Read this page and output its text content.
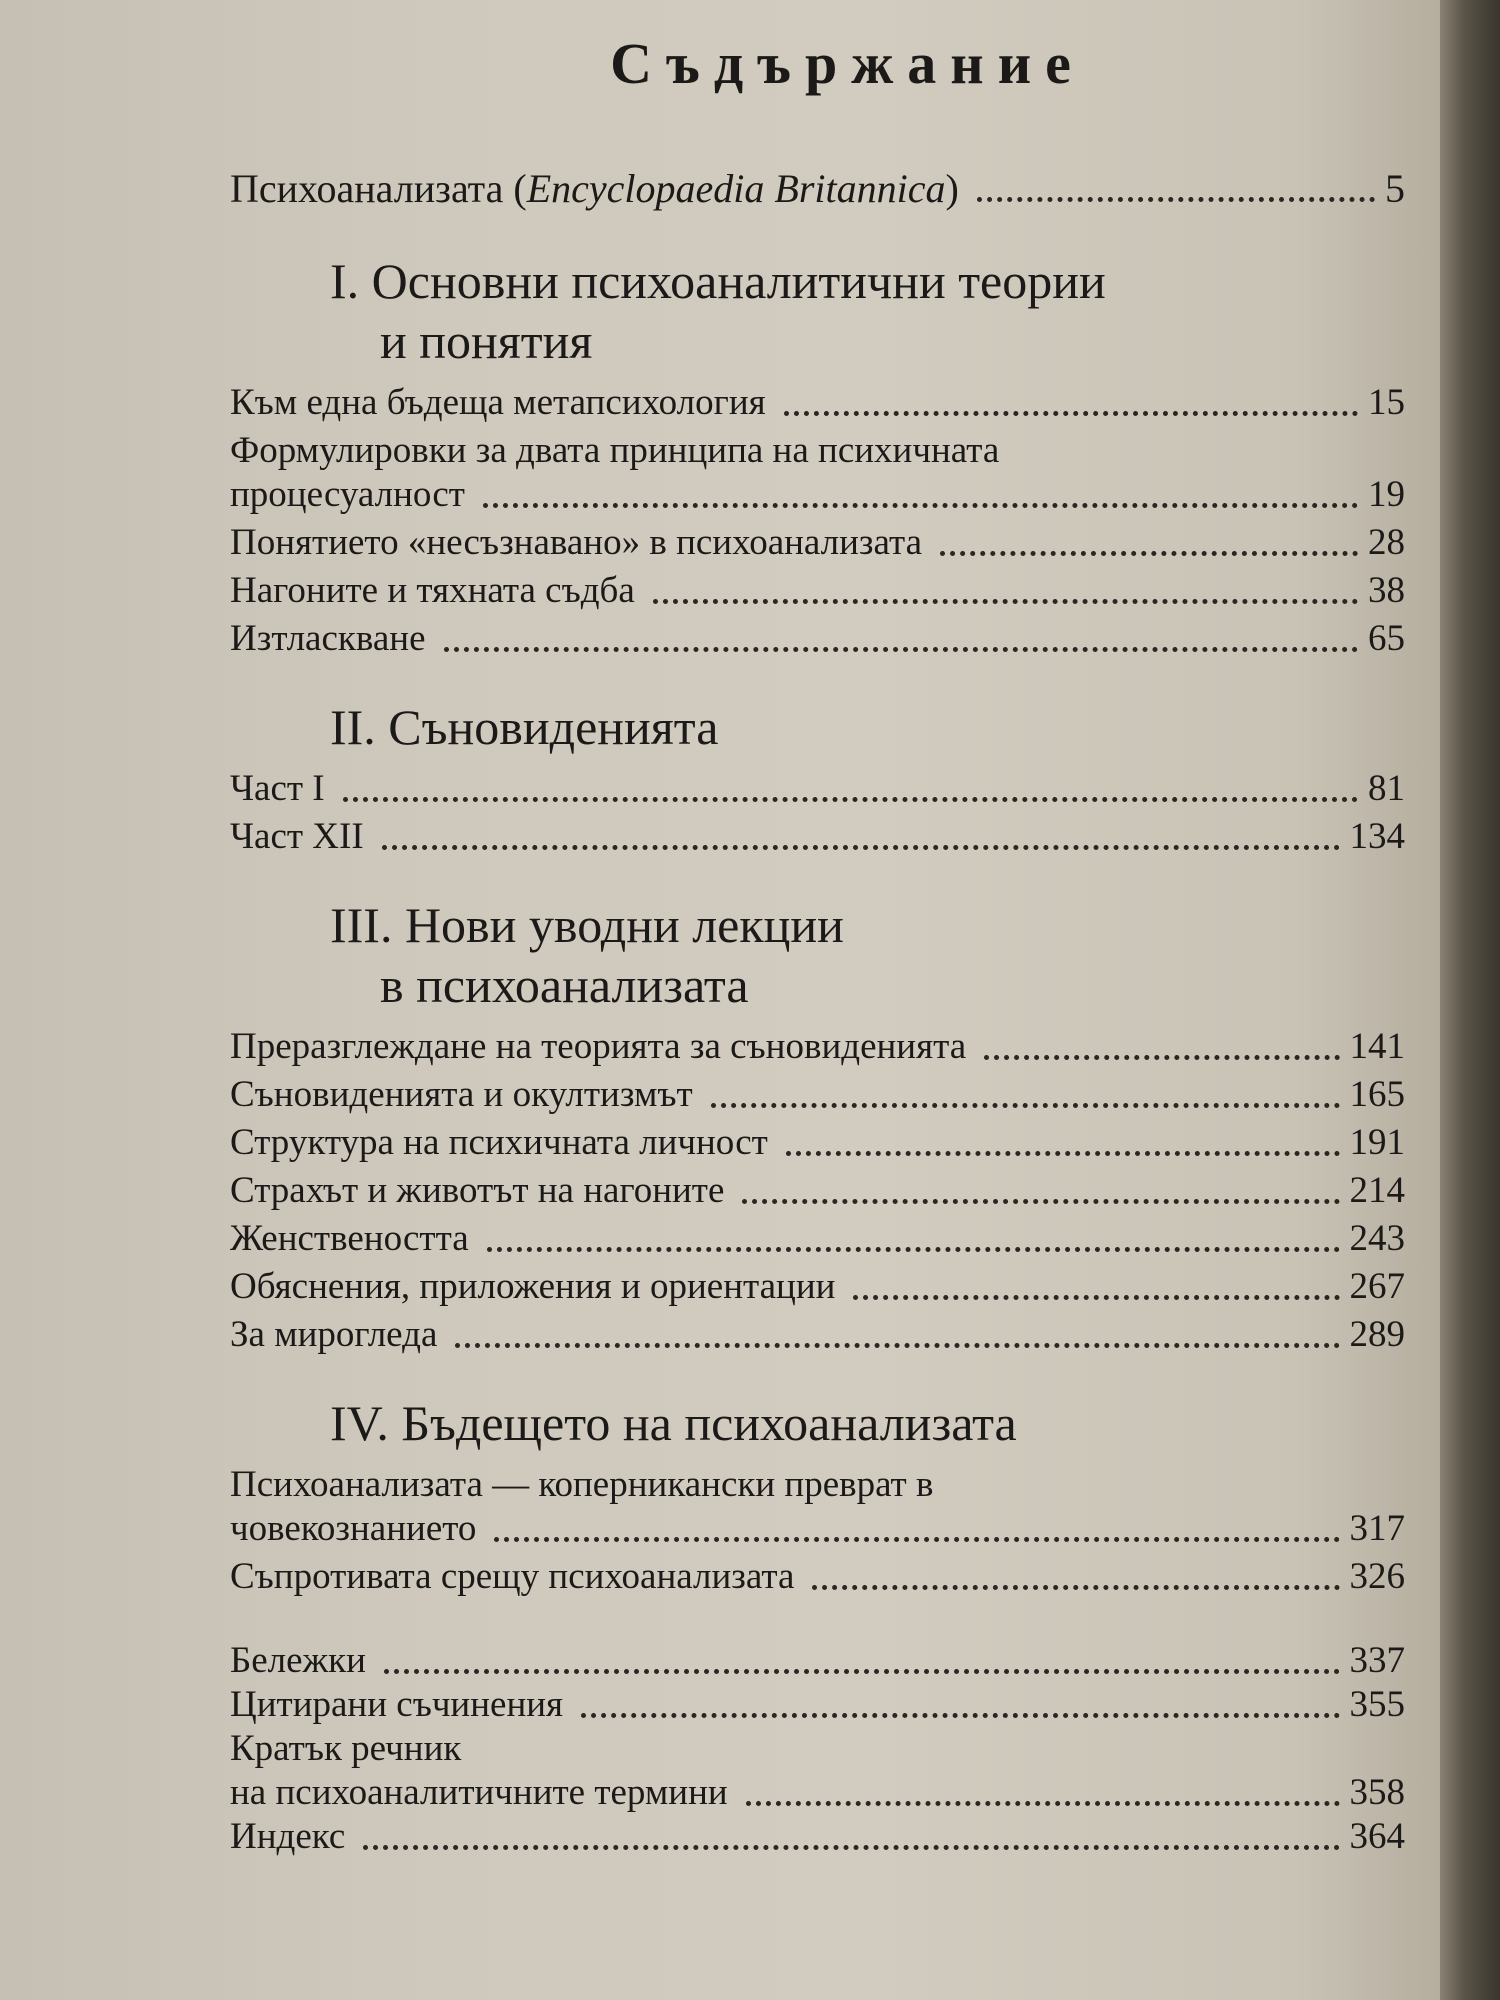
Съдържание
Психоанализата (Encyclopaedia Britannica)	5
I. Основни психоаналитични теории
и понятия
Към една бъдеща метапсихология	15
Формулировки за двата принципа на психичната
процесуалност	19
Понятието «несъзнавано» в психоанализата	28
Нагоните и тяхната съдба	38
Изтласкване	65
II. Сънoвиденията
Част I	81
Част XII	134
III. Нови уводни лекции
в психоанализата
Преразглеждане на теорията за сънoвиденията	141
Сънoвиденията и окултизмът	165
Структура на психичната личност	191
Страхът и животът на нагоните	214
Женствеността	243
Обяснения, приложения и ориентации	267
За мирогледа	289
IV. Бъдещето на психоанализата
Психоанализата — коперникански преврат в
човекознанието	317
Съпротивата срещу психоанализата	326
Бележки	337
Цитирани съчинения	355
Кратък речник
на психоаналитичните термини	358
Индекс	364
